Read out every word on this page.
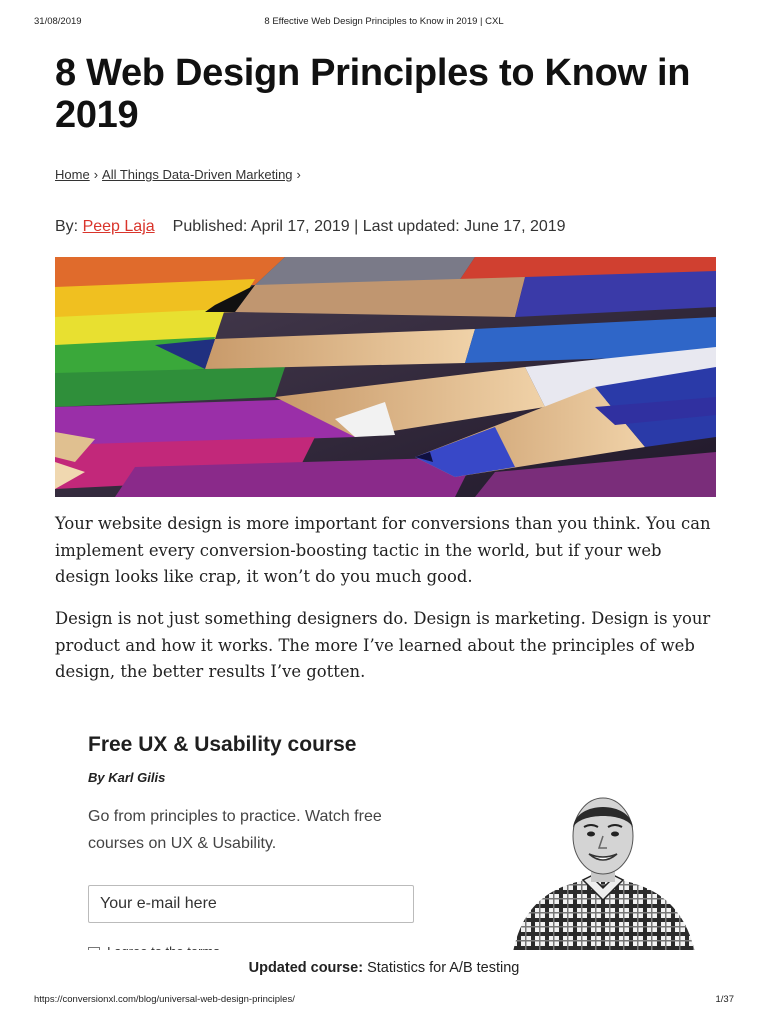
31/08/2019	8 Effective Web Design Principles to Know in 2019 | CXL
8 Web Design Principles to Know in 2019
Home › All Things Data-Driven Marketing ›
By: Peep Laja Published: April 17, 2019 | Last updated: June 17, 2019

Your website design is more important for conversions than you think. You can implement every conversion-boosting tactic in the world, but if your web design looks like crap, it won’t do you much good.

Design is not just something designers do. Design is marketing. Design is your product and how it works. The more I’ve learned about the principles of web design, the better results I’ve gotten.

Free UX & Usability course
By Karl Gilis

Go from principles to practice. Watch free courses on UX & Usability.

Your e-mail here
Updated course: Statistics for A/B testing
https://conversionxl.com/blog/universal-web-design-principles/	1/37
